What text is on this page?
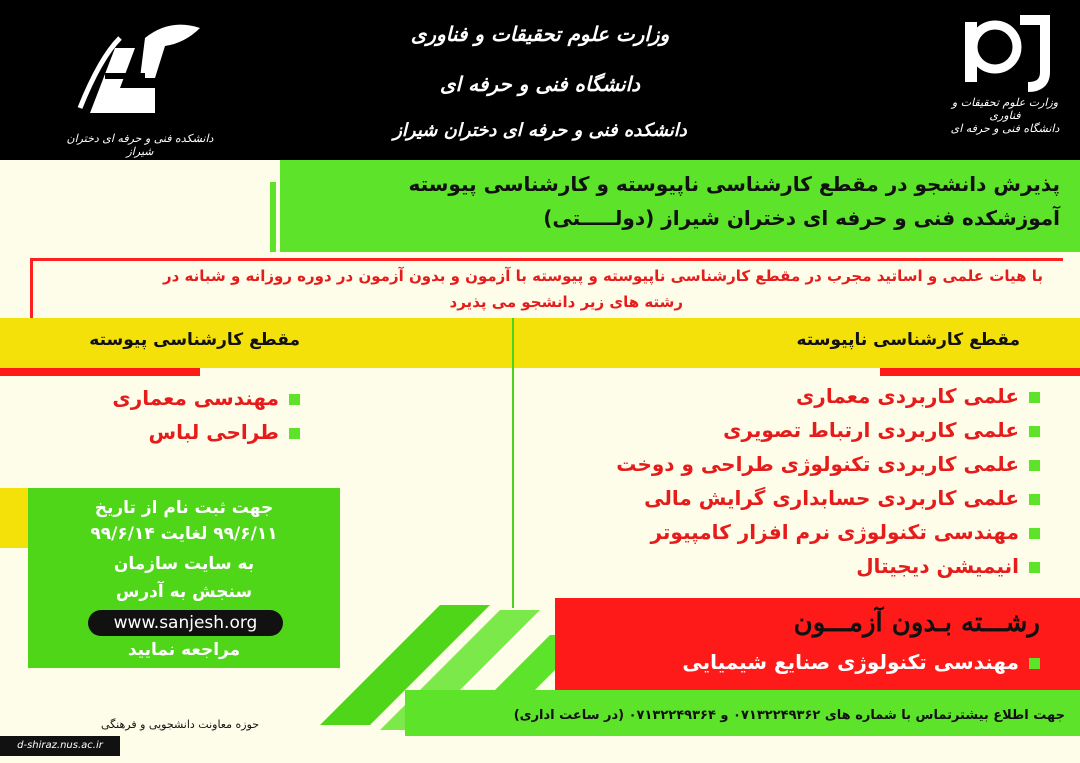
وزارت علوم تحقیقات و فناوری
دانشگاه فنی و حرفه ای
دانشکده فنی و حرفه ای دختران شیراز
دانشکده فنی و حرفه ای دختران شیراز
وزارت علوم تحقیقات و فناوری
دانشگاه فنی و حرفه ای
پذیرش دانشجو در مقطع کارشناسی ناپیوسته و کارشناسی پیوسته
آموزشکده فنی و حرفه ای دختران شیراز (دولـــــتی)
با هیات علمی و اساتید مجرب در مقطع کارشناسی ناپیوسته و پیوسته با آزمون و بدون آزمون در دوره روزانه و شبانه در
رشته های زیر دانشجو می پذیرد
مقطع کارشناسی پیوسته	مقطع کارشناسی ناپیوسته
مهندسی معماری
طراحی لباس
علمی کاربردی معماری
علمی کاربردی ارتباط تصویری
علمی کاربردی تکنولوژی طراحی و دوخت
علمی کاربردی حسابداری گرایش مالی
مهندسی تکنولوژی نرم افزار کامپیوتر
انیمیشن دیجیتال
جهت ثبت نام از تاریخ
۹۹/۶/۱۱ لغایت ۹۹/۶/۱۴
به سایت سازمان
سنجش به آدرس
www.sanjesh.org
مراجعه نمایید
رشـــته بـدون آزمـــون
مهندسی تکنولوژی صنایع شیمیایی
جهت اطلاع بیشترتماس با شماره های ۰۷۱۳۲۲۴۹۳۶۲ و ۰۷۱۳۲۲۴۹۳۶۴ (در ساعت اداری)
حوزه معاونت دانشجویی و فرهنگی
d-shiraz.nus.ac.ir
